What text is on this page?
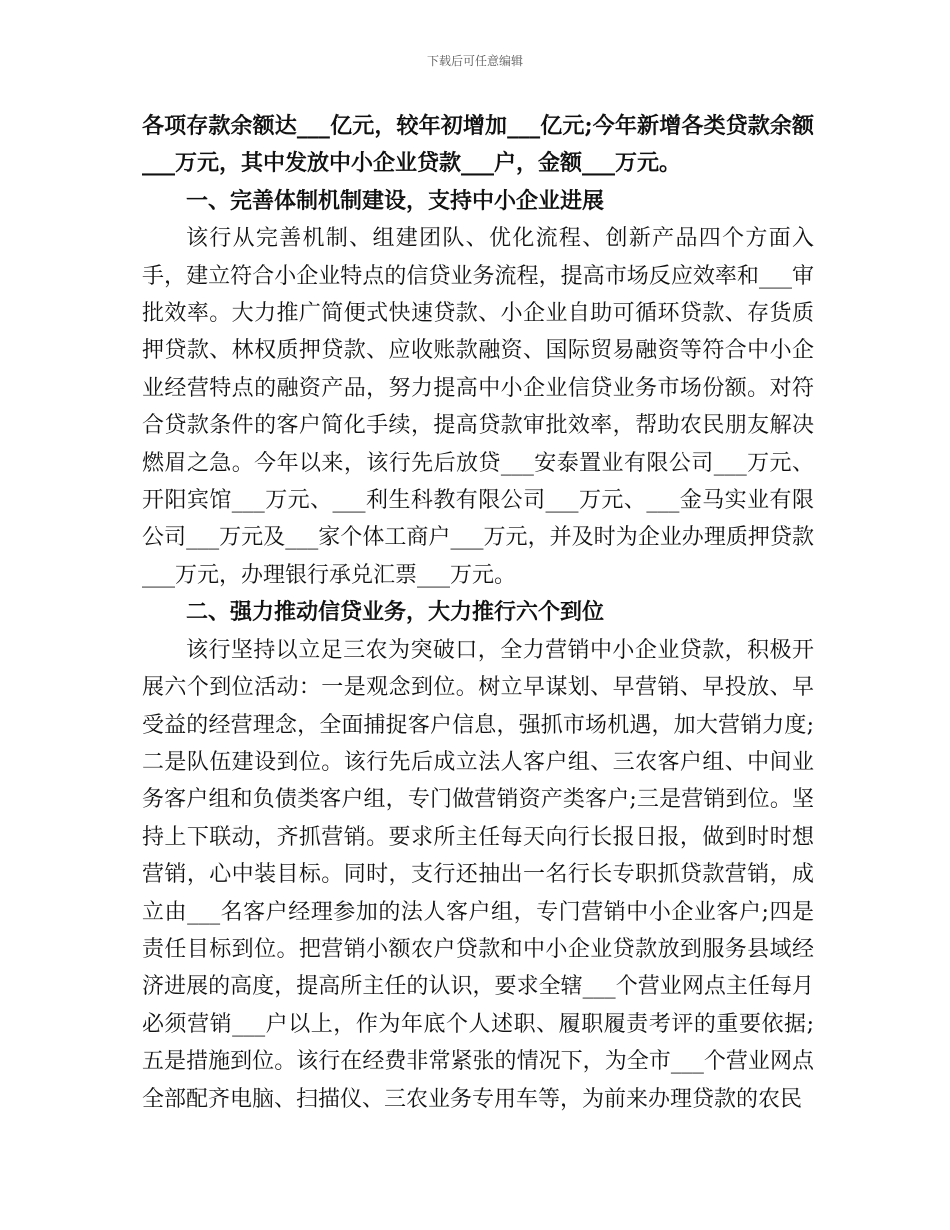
下载后可任意编辑

各项存款余额达___亿元，较年初增加___亿元;今年新增各类贷款余额___万元，其中发放中小企业贷款___户，金额___万元。

一、完善体制机制建设，支持中小企业进展

该行从完善机制、组建团队、优化流程、创新产品四个方面入手，建立符合小企业特点的信贷业务流程，提高市场反应效率和___审批效率。大力推广简便式快速贷款、小企业自助可循环贷款、存货质押贷款、林权质押贷款、应收账款融资、国际贸易融资等符合中小企业经营特点的融资产品，努力提高中小企业信贷业务市场份额。对符合贷款条件的客户简化手续，提高贷款审批效率，帮助农民朋友解决燃眉之急。今年以来，该行先后放贷___安泰置业有限公司___万元、开阳宾馆___万元、___利生科教有限公司___万元、___金马实业有限公司___万元及___家个体工商户___万元，并及时为企业办理质押贷款___万元，办理银行承兑汇票___万元。

二、强力推动信贷业务，大力推行六个到位

该行坚持以立足三农为突破口，全力营销中小企业贷款，积极开展六个到位活动：一是观念到位。树立早谋划、早营销、早投放、早受益的经营理念，全面捕捉客户信息，强抓市场机遇，加大营销力度;二是队伍建设到位。该行先后成立法人客户组、三农客户组、中间业务客户组和负债类客户组，专门做营销资产类客户;三是营销到位。坚持上下联动，齐抓营销。要求所主任每天向行长报日报，做到时时想营销，心中装目标。同时，支行还抽出一名行长专职抓贷款营销，成立由___名客户经理参加的法人客户组，专门营销中小企业客户;四是责任目标到位。把营销小额农户贷款和中小企业贷款放到服务县域经济进展的高度，提高所主任的认识，要求全辖___个营业网点主任每月必须营销___户以上，作为年底个人述职、履职履责考评的重要依据;五是措施到位。该行在经费非常紧张的情况下，为全市___个营业网点全部配齐电脑、扫描仪、三农业务专用车等，为前来办理贷款的农民
